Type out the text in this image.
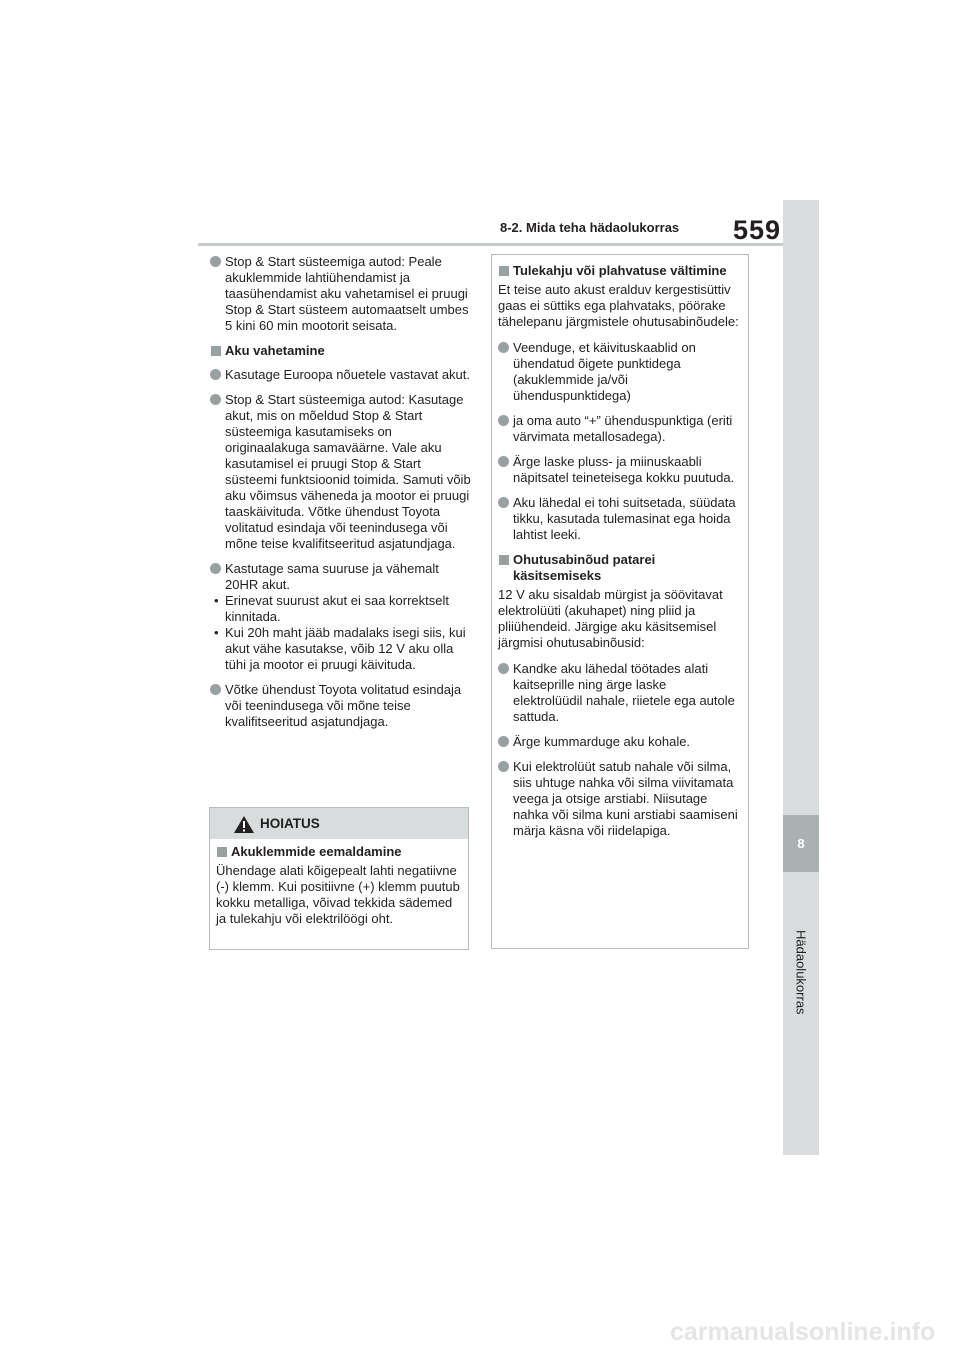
8-2. Mida teha hädaolukorras 559
8
Hädaolukorras
Stop & Start süsteemiga autod: Peale akuklemmide lahtiühendamist ja taasühendamist aku vahetamisel ei pruugi Stop & Start süsteem automaatselt umbes 5 kini 60 min mootorit seisata.
Aku vahetamine
Kasutage Euroopa nõuetele vastavat akut.
Stop & Start süsteemiga autod: Kasutage akut, mis on mõeldud Stop & Start süsteemiga kasutamiseks on originaalakuga samaväärne. Vale aku kasutamisel ei pruugi Stop & Start süsteemi funktsioonid toimida. Samuti võib aku võimsus väheneda ja mootor ei pruugi taaskäivituda. Võtke ühendust Toyota volitatud esindaja või teenindusega või mõne teise kvalifitseeritud asjatundjaga.
Kastutage sama suuruse ja vähemalt 20HR akut.
• Erinevat suurust akut ei saa korrektselt kinnitada.
• Kui 20h maht jääb madalaks isegi siis, kui akut vähe kasutakse, võib 12 V aku olla tühi ja mootor ei pruugi käivituda.
Võtke ühendust Toyota volitatud esindaja või teenindusega või mõne teise kvalifitseeritud asjatundjaga.
HOIATUS
Akuklemmide eemaldamine
Ühendage alati kõigepealt lahti negatiivne (-) klemm. Kui positiivne (+) klemm puutub kokku metalliga, võivad tekkida sädemed ja tulekahju või elektrilöögi oht.
Tulekahju või plahvatuse vältimine
Et teise auto akust eralduv kergestisüttiv gaas ei süttiks ega plahvataks, pöörake tähelepanu järgmistele ohutusabinõudele:
Veenduge, et käivituskaablid on ühendatud õigete punktidega (akuklemmide ja/või ühenduspunktidega)
ja oma auto “+” ühenduspunktiga (eriti värvimata metallosadega).
Ärge laske pluss- ja miinuskaabli näpitsatel teineteisega kokku puutuda.
Aku lähedal ei tohi suitsetada, süüdata tikku, kasutada tulemasinat ega hoida lahtist leeki.
Ohutusabinõud patarei käsitsemiseks
12 V aku sisaldab mürgist ja söövitavat elektrolüüti (akuhapet) ning pliid ja pliiühendeid. Järgige aku käsitsemisel järgmisi ohutusabinõusid:
Kandke aku lähedal töötades alati kaitseprille ning ärge laske elektrolüüdil nahale, riietele ega autole sattuda.
Ärge kummarduge aku kohale.
Kui elektrolüüt satub nahale või silma, siis uhtuge nahka või silma viivitamata veega ja otsige arstiabi. Niisutage nahka või silma kuni arstiabi saamiseni märja käsna või riidelapiga.
carmanualsonline.info
